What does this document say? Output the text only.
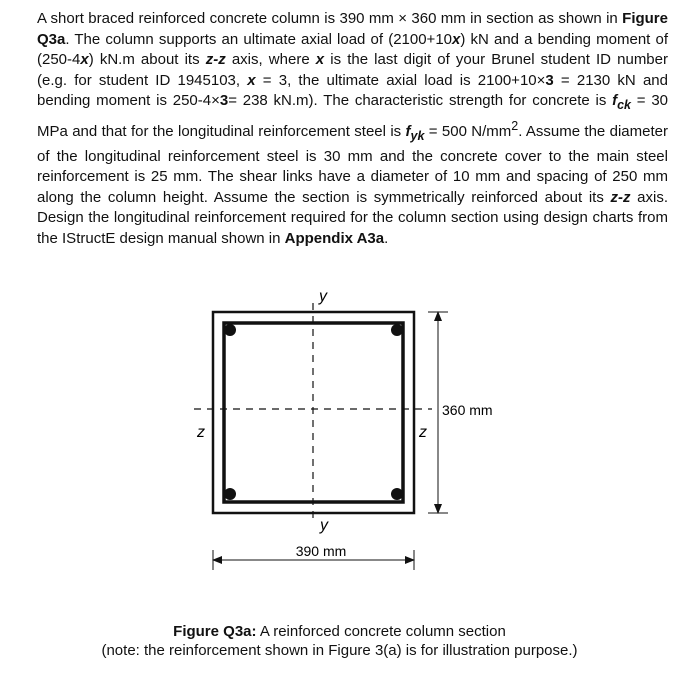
A short braced reinforced concrete column is 390 mm × 360 mm in section as shown in Figure Q3a. The column supports an ultimate axial load of (2100+10x) kN and a bending moment of (250-4x) kN.m about its z-z axis, where x is the last digit of your Brunel student ID number (e.g. for student ID 1945103, x = 3, the ultimate axial load is 2100+10×3 = 2130 kN and bending moment is 250-4×3= 238 kN.m). The characteristic strength for concrete is $f_{ck} = 30$ MPa and that for the longitudinal reinforcement steel is $f_{yk} = 500$ $N/mm^2$. Assume the diameter of the longitudinal reinforcement steel is 30 mm and the concrete cover to the main steel reinforcement is 25 mm. The shear links have a diameter of 10 mm and spacing of 250 mm along the column height. Assume the section is symmetrically reinforced about its z-z axis. Design the longitudinal reinforcement required for the column section using design charts from the IStructE design manual shown in Appendix A3a.
y
y
z	z
390 mm
360 mm
Figure Q3a: A reinforced concrete column section
(note: the reinforcement shown in Figure 3(a) is for illustration purpose.)
